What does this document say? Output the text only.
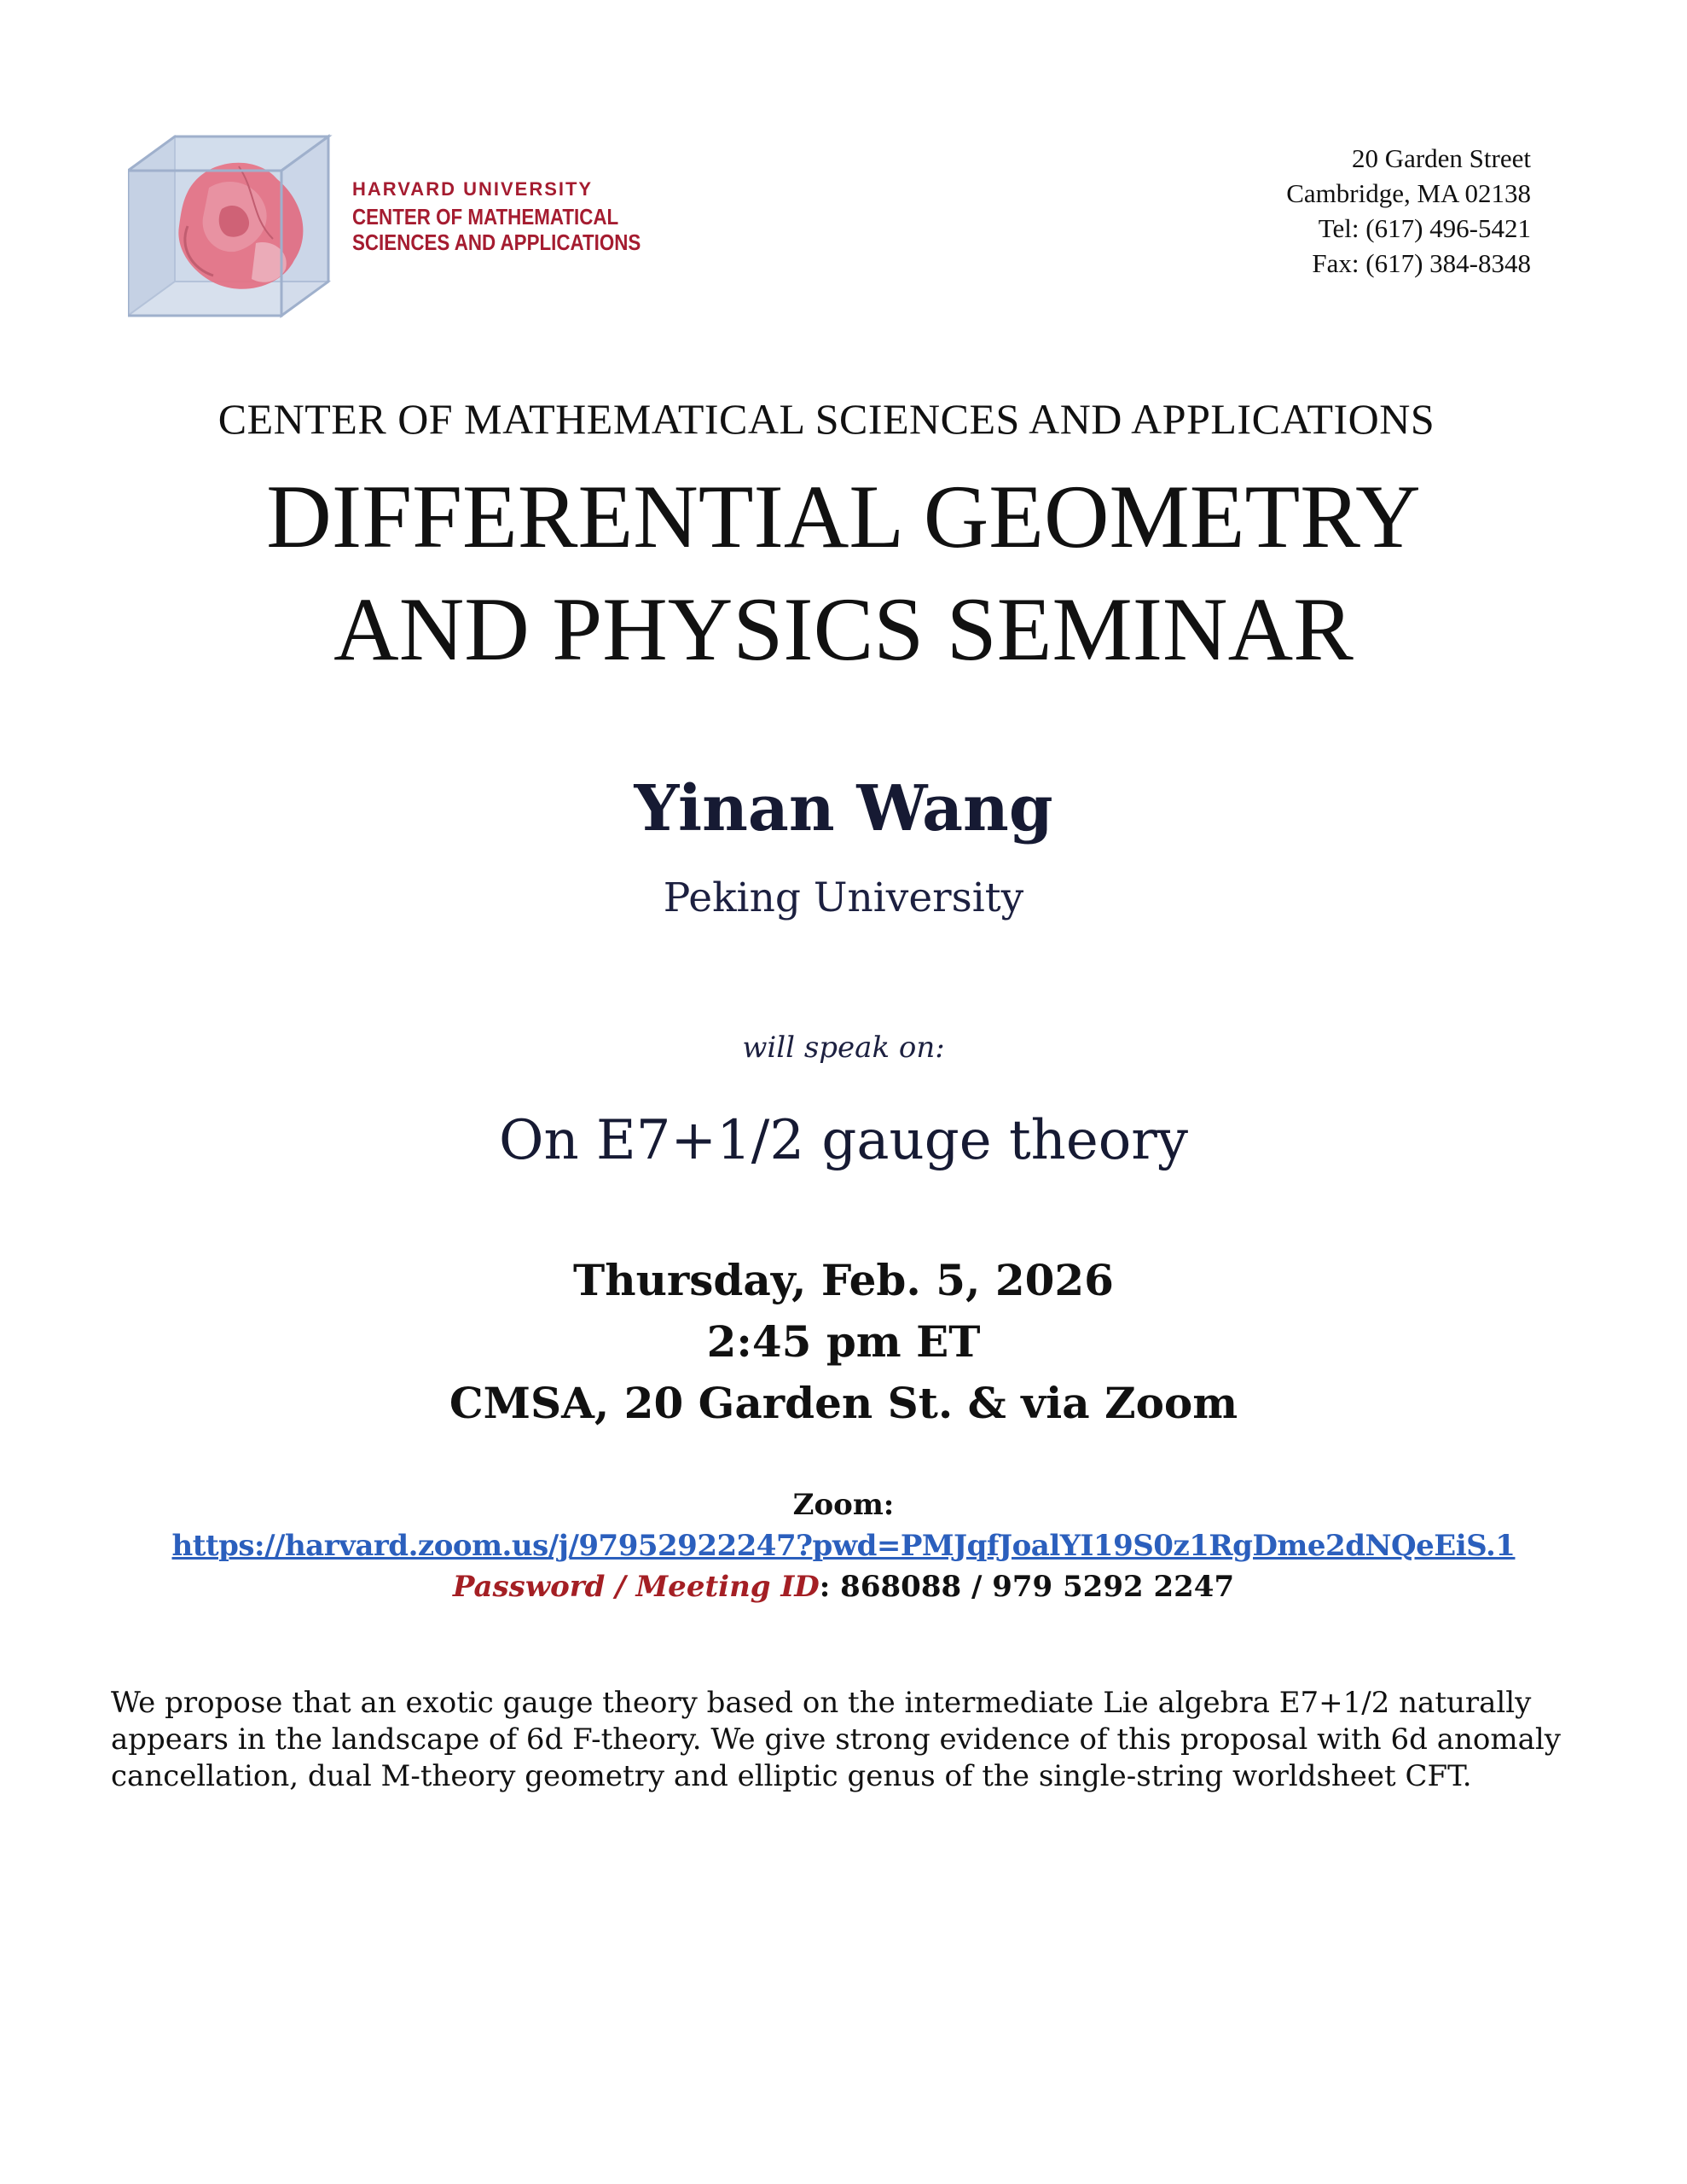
HARVARD UNIVERSITY
CENTER OF MATHEMATICAL
SCIENCES AND APPLICATIONS
20 Garden Street
Cambridge, MA 02138
Tel: (617) 496-5421
Fax: (617) 384-8348
CENTER OF MATHEMATICAL SCIENCES AND APPLICATIONS
DIFFERENTIAL GEOMETRY
AND PHYSICS SEMINAR
Yinan Wang
Peking University
will speak on:
On E7+1/2 gauge theory
Thursday, Feb. 5, 2026
2:45 pm ET
CMSA, 20 Garden St. & via Zoom
Zoom:
https://harvard.zoom.us/j/97952922247?pwd=PMJqfJoalYI19S0z1RgDme2dNQeEiS.1
Password / Meeting ID: 868088 / 979 5292 2247
We propose that an exotic gauge theory based on the intermediate Lie algebra E7+1/2 naturally
appears in the landscape of 6d F-theory. We give strong evidence of this proposal with 6d anomaly
cancellation, dual M-theory geometry and elliptic genus of the single-string worldsheet CFT.
